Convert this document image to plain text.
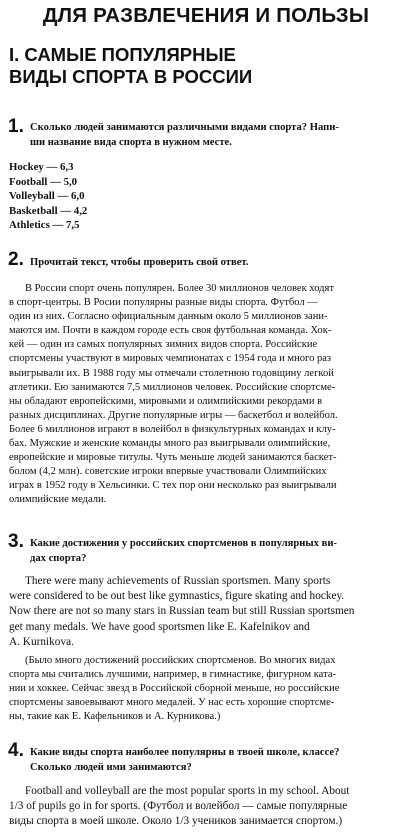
​
ДЛЯ РАЗВЛЕЧЕНИЯ И ПОЛЬЗЫ
I. САМЫЕ ПОПУЛЯРНЫЕ
ВИДЫ СПОРТА В РОССИИ
1. Сколько людей занимаются различными видами спорта? Напи-
ши название вида спорта в нужном месте.
Hockey — 6,3
Football — 5,0
Volleyball — 6,0
Basketball — 4,2
Athletics — 7,5
2. Прочитай текст, чтобы проверить свой ответ.
В России спорт очень популярен. Более 30 миллионов человек ходят
в спорт-центры. В Росии популярны разные виды спорта. Футбол —
один из них. Согласно официальным данным около 5 миллионов зани-
маются им. Почти в каждом городе есть своя футбольная команда. Хок-
кей — один из самых популярных зимних видов спорта. Российские
спортсмены участвуют в мировых чемпионатах с 1954 года и много раз
выигрывали их. В 1988 году мы отмечали столетнюю годовщину легкой
атлетики. Ею занимаются 7,5 миллионов человек. Российские спортсме-
ны обладают европейскими, мировыми и олимпийскими рекордами в
разных дисциплинах. Другие популярные игры — баскетбол и волейбол.
Более 6 миллионов играют в волейбол в физкультурных командах и клу-
бах. Мужские и женские команды много раз выигрывали олимпийские,
европейские и мировые титулы. Чуть меньше людей занимаются баскет-
болом (4,2 млн). советские игроки впервые участвовали Олимпийских
играх в 1952 году в Хельсинки. С тех пор они несколько раз выигрывали
олимпийские медали.
3. Какие достижения у российских спортсменов в популярных ви-
дах спорта?
There were many achievements of Russian sportsmen. Many sports
were considered to be out best like gymnastics, figure skating and hockey.
Now there are not so many stars in Russian team but still Russian sportsmen
get many medals. We have good sportsmen like E. Kafelnikov and
A. Kurnikova.
(Было много достижений российских спортсменов. Во многих видах
спорта мы считались лучшими, например, в гимнастике, фигурном ката-
нии и хоккее. Сейчас звезд в Российской сборной меньше, но российские
спортсмены завоевывают много медалей. У нас есть хорошие спортсме-
ны, такие как Е. Кафельников и А. Курникова.)
4. Какие виды спорта наиболее популярны в твоей школе, классе?
Сколько людей ими занимаются?
Football and volleyball are the most popular sports in my school. About
1/3 of pupils go in for sports. (Футбол и волейбол — самые популярные
виды спорта в моей школе. Около 1/3 учеников занимается спортом.)
